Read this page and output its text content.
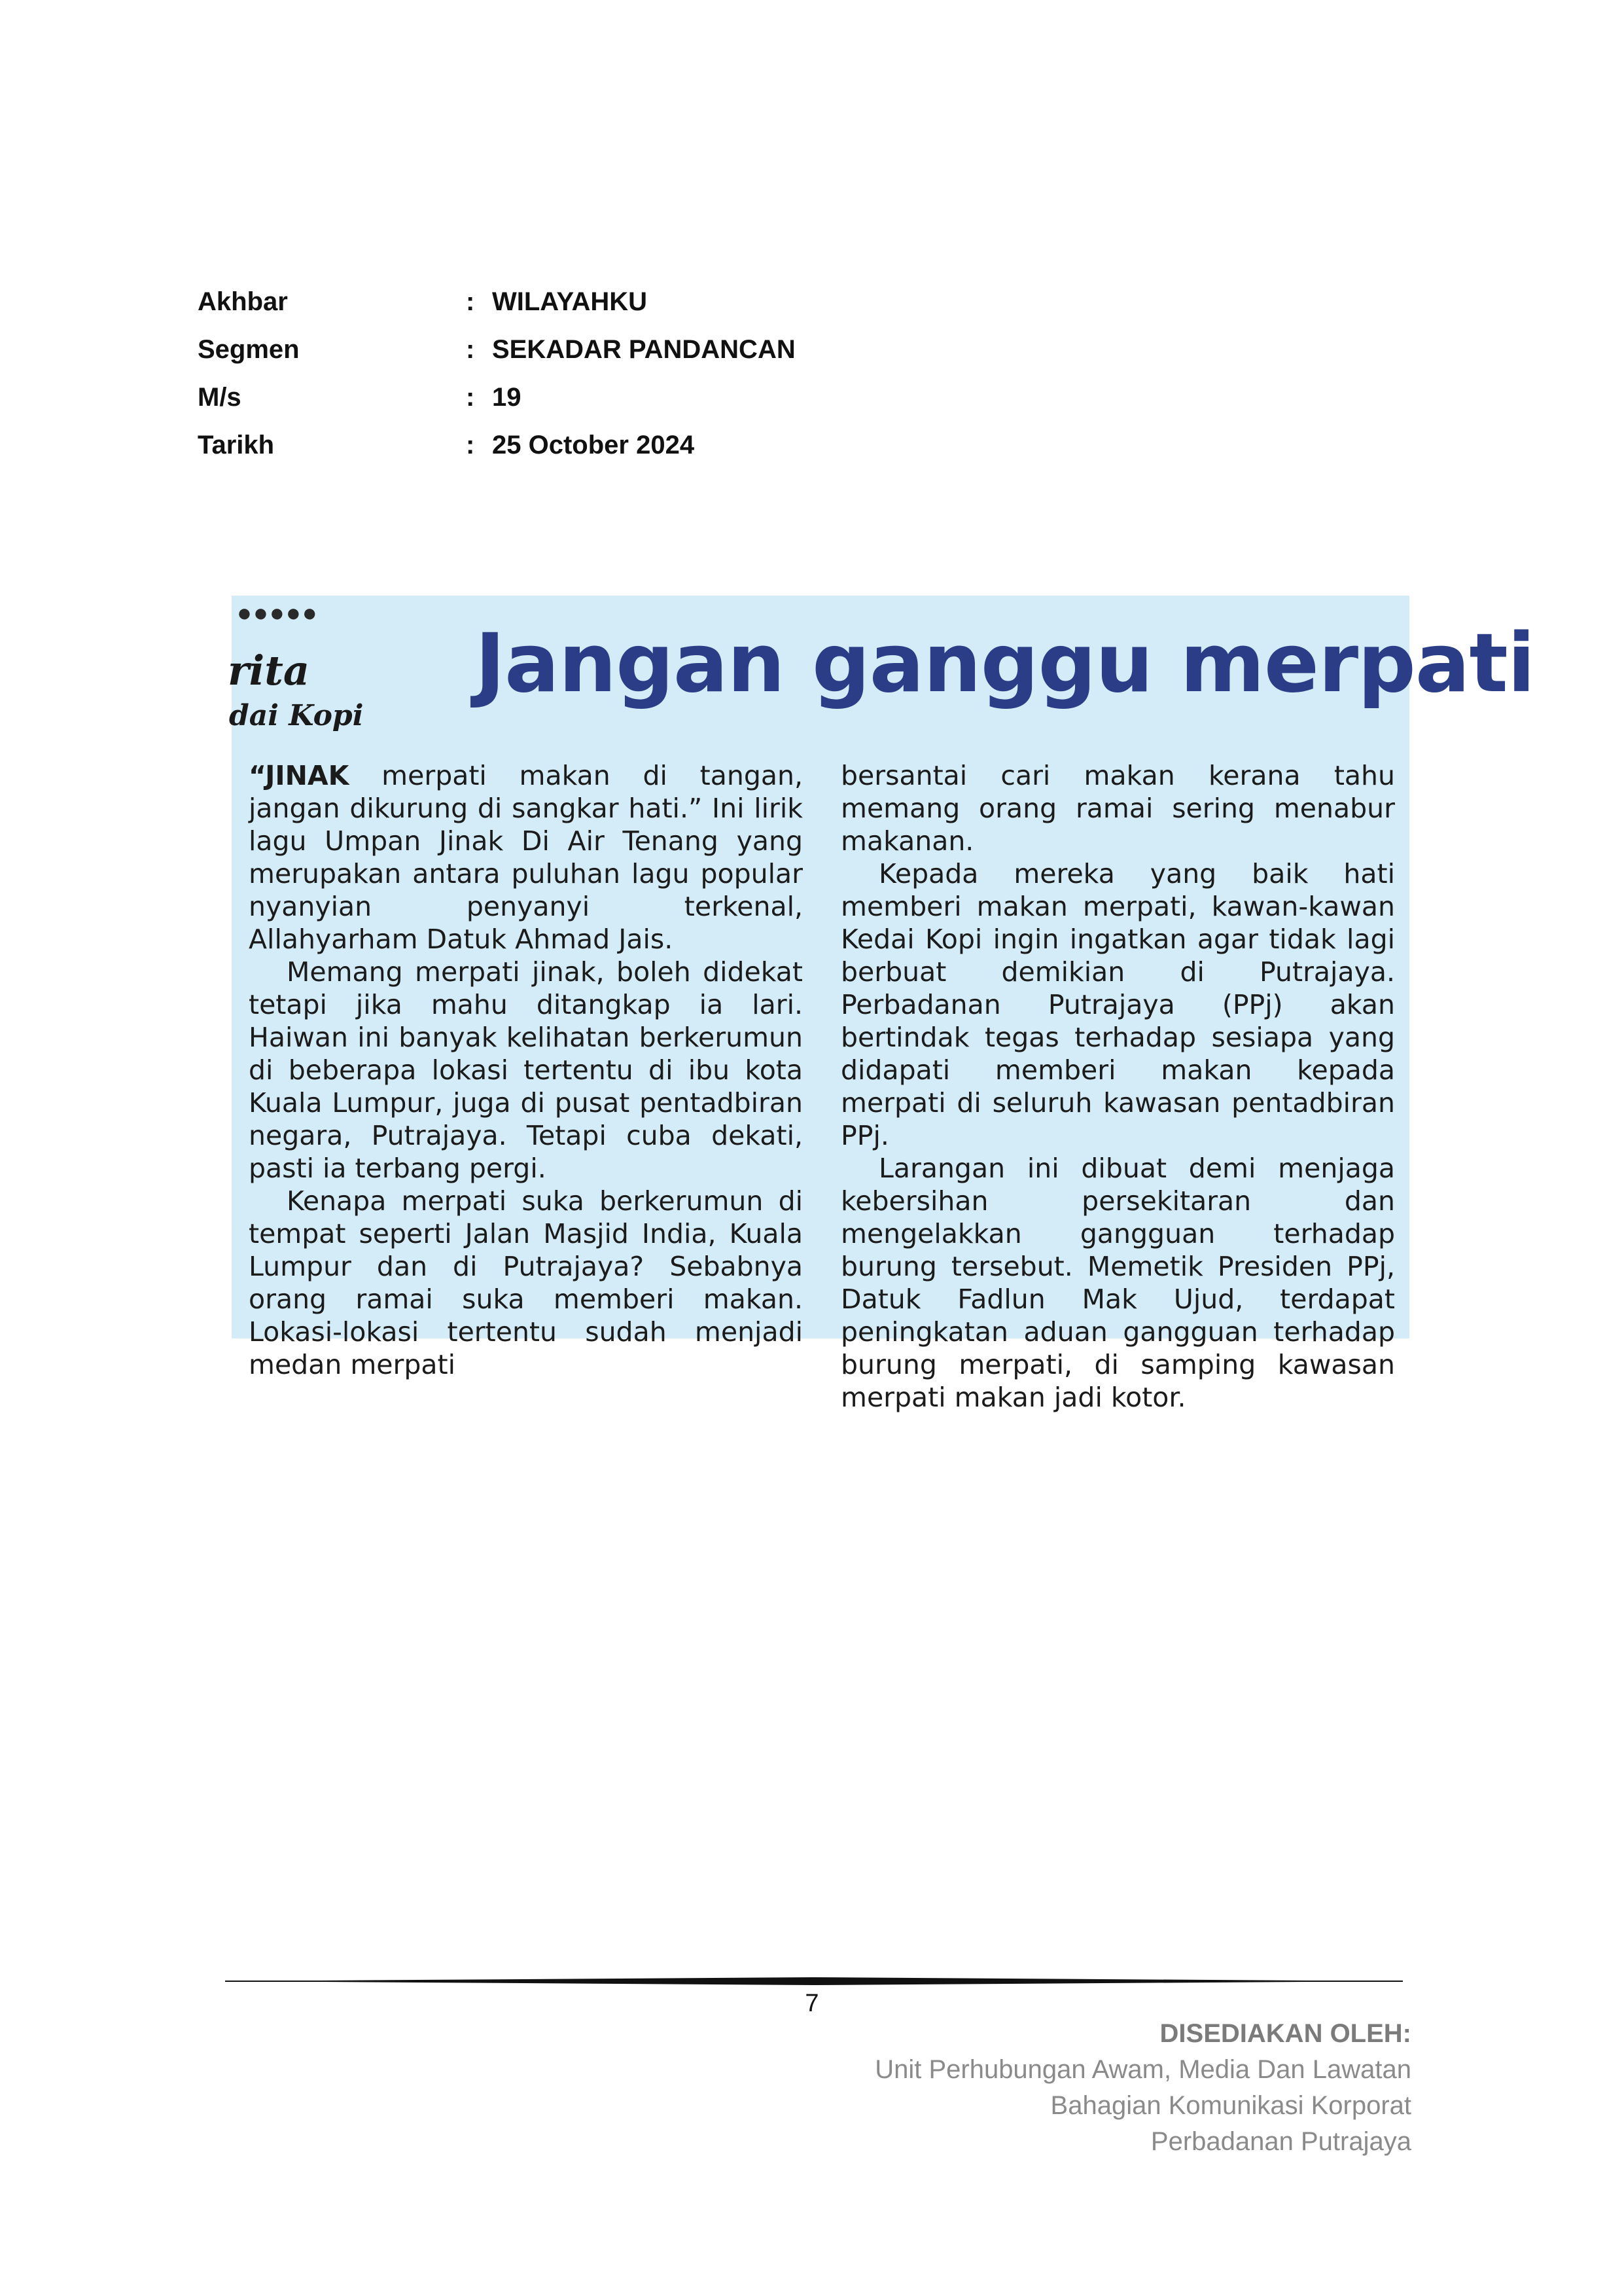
Akhbar	: WILAYAHKU
Segmen	: SEKADAR PANDANCAN
M/s	: 19
Tarikh	: 25 October 2024
●●●●●
rita
dai Kopi
Jangan ganggu merpati

“JINAK merpati makan di tangan, jangan dikurung di sangkar hati.” Ini lirik lagu Umpan Jinak Di Air Tenang yang merupakan antara puluhan lagu popular nyanyian penyanyi terkenal, Allahyarham Datuk Ahmad Jais.

Memang merpati jinak, boleh didekat tetapi jika mahu ditangkap ia lari. Haiwan ini banyak kelihatan berkerumun di beberapa lokasi tertentu di ibu kota Kuala Lumpur, juga di pusat pentadbiran negara, Putrajaya. Tetapi cuba dekati, pasti ia terbang pergi.

Kenapa merpati suka berkerumun di tempat seperti Jalan Masjid India, Kuala Lumpur dan di Putrajaya? Sebabnya orang ramai suka memberi makan. Lokasi-lokasi tertentu sudah menjadi medan merpati

bersantai cari makan kerana tahu memang orang ramai sering menabur makanan.

Kepada mereka yang baik hati memberi makan merpati, kawan-kawan Kedai Kopi ingin ingatkan agar tidak lagi berbuat demikian di Putrajaya. Perbadanan Putrajaya (PPj) akan bertindak tegas terhadap sesiapa yang didapati memberi makan kepada merpati di seluruh kawasan pentadbiran PPj.

Larangan ini dibuat demi menjaga kebersihan persekitaran dan mengelakkan gangguan terhadap burung tersebut. Memetik Presiden PPj, Datuk Fadlun Mak Ujud, terdapat peningkatan aduan gangguan terhadap burung merpati, di samping kawasan merpati makan jadi kotor.

7
DISEDIAKAN OLEH:
Unit Perhubungan Awam, Media Dan Lawatan
Bahagian Komunikasi Korporat
Perbadanan Putrajaya
